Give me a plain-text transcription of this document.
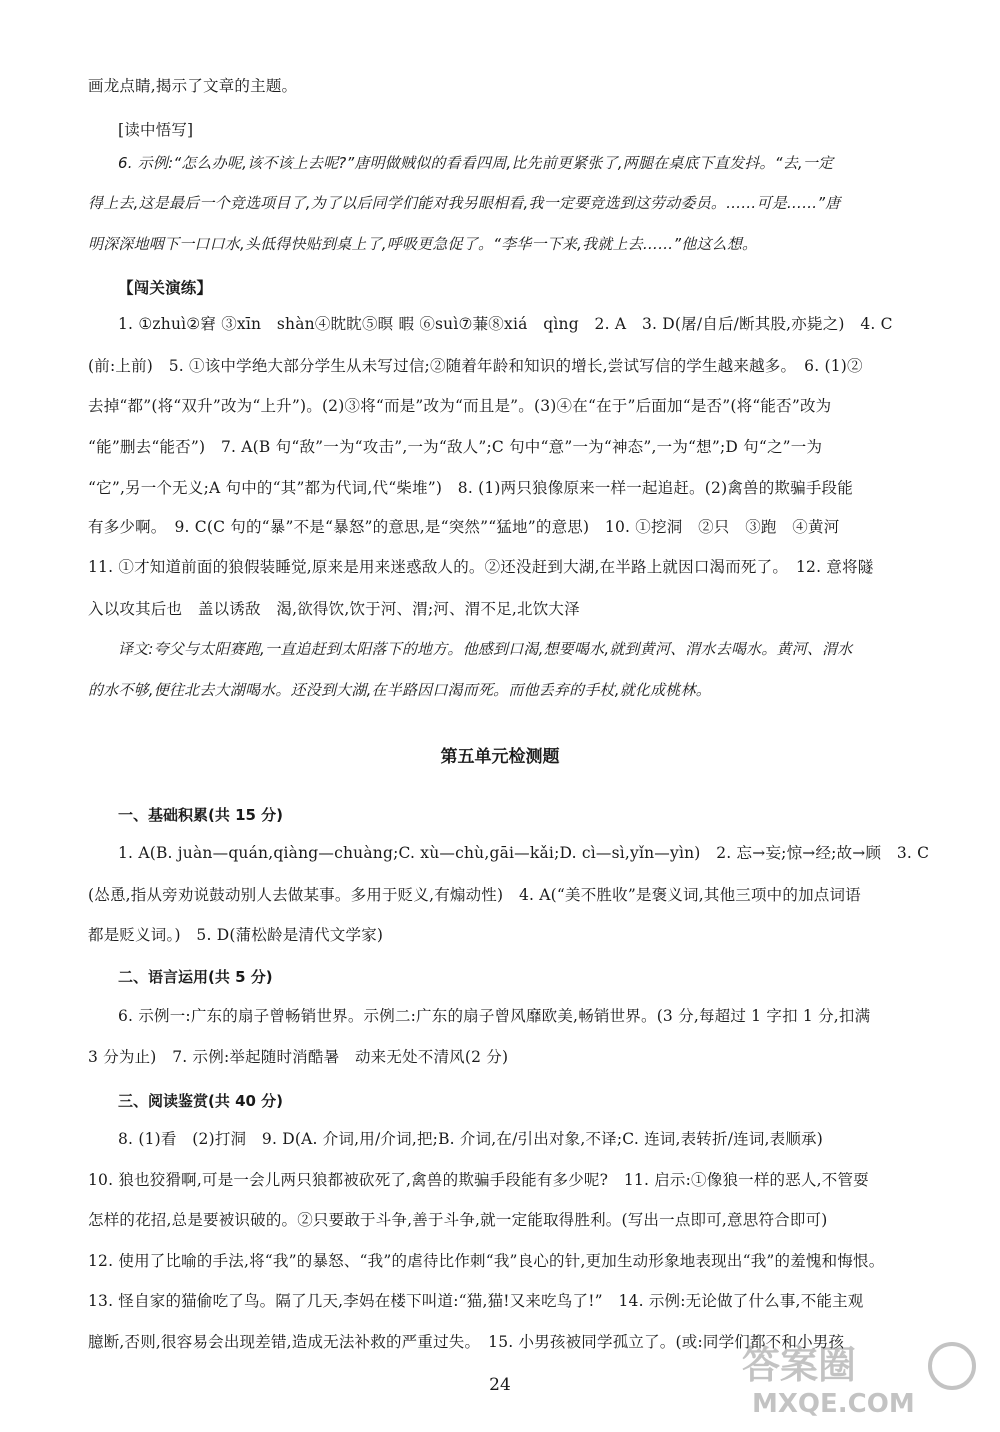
画龙点睛,揭示了文章的主题。
[读中悟写]
6. 示例:“怎么办呢,该不该上去呢?”唐明做贼似的看看四周,比先前更紧张了,两腿在桌底下直发抖。“去,一定
得上去,这是最后一个竞选项目了,为了以后同学们能对我另眼相看,我一定要竞选到这劳动委员。……可是……”唐
明深深地咽下一口口水,头低得快贴到桌上了,呼吸更急促了。“李华一下来,我就上去……”他这么想。
【闯关演练】
1. ①zhuì②窘 ③xīn　shàn④眈眈⑤暝 暇 ⑥suì⑦蒹⑧xiá　qìng　2. A　3. D(屠/自后/断其股,亦毙之)　4. C
(前:上前)　5. ①该中学绝大部分学生从未写过信;②随着年龄和知识的增长,尝试写信的学生越来越多。　6. (1)②
去掉“都”(将“双升”改为“上升”)。(2)③将“而是”改为“而且是”。(3)④在“在于”后面加“是否”(将“能否”改为
“能”删去“能否”)　7. A(B 句“敌”一为“攻击”,一为“敌人”;C 句中“意”一为“神态”,一为“想”;D 句“之”一为
“它”,另一个无义;A 句中的“其”都为代词,代“柴堆”)　8. (1)两只狼像原来一样一起追赶。(2)禽兽的欺骗手段能
有多少啊。　9. C(C 句的“暴”不是“暴怒”的意思,是“突然”“猛地”的意思)　10. ①挖洞　②只　③跑　④黄河
11. ①才知道前面的狼假装睡觉,原来是用来迷惑敌人的。②还没赶到大湖,在半路上就因口渴而死了。　12. 意将隧
入以攻其后也　盖以诱敌　渴,欲得饮,饮于河、渭;河、渭不足,北饮大泽
译文:夸父与太阳赛跑,一直追赶到太阳落下的地方。他感到口渴,想要喝水,就到黄河、渭水去喝水。黄河、渭水
的水不够,便往北去大湖喝水。还没到大湖,在半路因口渴而死。而他丢弃的手杖,就化成桃林。
第五单元检测题
一、基础积累(共 15 分)
1. A(B. juàn—quán,qiàng—chuàng;C. xù—chù,gāi—kǎi;D. cì—sì,yǐn—yìn)　2. 忘→妄;惊→经;故→顾　3. C
(怂恿,指从旁劝说鼓动别人去做某事。多用于贬义,有煽动性)　4. A(“美不胜收”是褒义词,其他三项中的加点词语
都是贬义词。)　5. D(蒲松龄是清代文学家)
二、语言运用(共 5 分)
6. 示例一:广东的扇子曾畅销世界。示例二:广东的扇子曾风靡欧美,畅销世界。(3 分,每超过 1 字扣 1 分,扣满
3 分为止)　7. 示例:举起随时消酷暑　动来无处不清风(2 分)
三、阅读鉴赏(共 40 分)
8. (1)看　(2)打洞　9. D(A. 介词,用/介词,把;B. 介词,在/引出对象,不译;C. 连词,表转折/连词,表顺承)
10. 狼也狡猾啊,可是一会儿两只狼都被砍死了,禽兽的欺骗手段能有多少呢?　11. 启示:①像狼一样的恶人,不管耍
怎样的花招,总是要被识破的。②只要敢于斗争,善于斗争,就一定能取得胜利。(写出一点即可,意思符合即可)
12. 使用了比喻的手法,将“我”的暴怒、“我”的虐待比作刺“我”良心的针,更加生动形象地表现出“我”的羞愧和悔恨。
13. 怪自家的猫偷吃了鸟。隔了几天,李妈在楼下叫道:“猫,猫!又来吃鸟了!”　14. 示例:无论做了什么事,不能主观
臆断,否则,很容易会出现差错,造成无法补救的严重过失。　15. 小男孩被同学孤立了。(或:同学们都不和小男孩
24	答案圈
MXQE.COM
